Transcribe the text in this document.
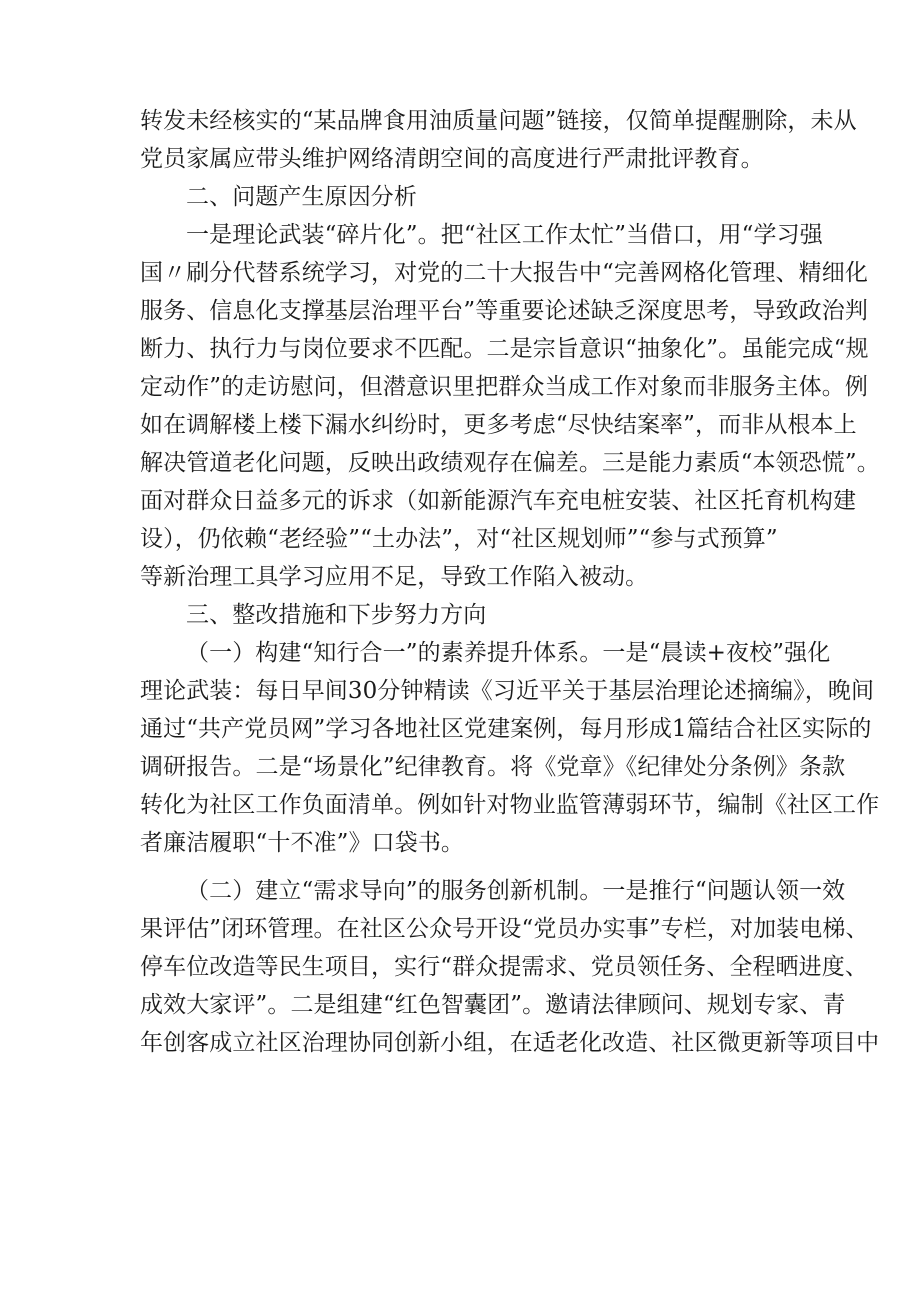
转发未经核实的“某品牌食用油质量问题”链接，仅简单提醒删除，未从
党员家属应带头维护网络清朗空间的高度进行严肃批评教育。
二、问题产生原因分析
一是理论武装“碎片化”。把“社区工作太忙”当借口，用“学习强
国〃刷分代替系统学习，对党的二十大报告中“完善网格化管理、精细化
服务、信息化支撑基层治理平台”等重要论述缺乏深度思考，导致政治判
断力、执行力与岗位要求不匹配。二是宗旨意识“抽象化”。虽能完成“规
定动作”的走访慰问，但潜意识里把群众当成工作对象而非服务主体。例
如在调解楼上楼下漏水纠纷时，更多考虑“尽快结案率”，而非从根本上
解决管道老化问题，反映出政绩观存在偏差。三是能力素质“本领恐慌”。
面对群众日益多元的诉求（如新能源汽车充电桩安装、社区托育机构建
设），仍依赖“老经验”“土办法”，对“社区规划师”“参与式预算”
等新治理工具学习应用不足，导致工作陷入被动。
三、整改措施和下步努力方向
（一）构建“知行合一”的素养提升体系。一是“晨读+夜校”强化
理论武装：每日早间30分钟精读《习近平关于基层治理论述摘编》，晚间
通过“共产党员网”学习各地社区党建案例，每月形成1篇结合社区实际的
调研报告。二是“场景化”纪律教育。将《党章》《纪律处分条例》条款
转化为社区工作负面清单。例如针对物业监管薄弱环节，编制《社区工作
者廉洁履职“十不准”》口袋书。
（二）建立“需求导向”的服务创新机制。一是推行“问题认领一效
果评估”闭环管理。在社区公众号开设“党员办实事”专栏，对加装电梯、
停车位改造等民生项目，实行“群众提需求、党员领任务、全程晒进度、
成效大家评”。二是组建“红色智囊团”。邀请法律顾问、规划专家、青
年创客成立社区治理协同创新小组，在适老化改造、社区微更新等项目中
